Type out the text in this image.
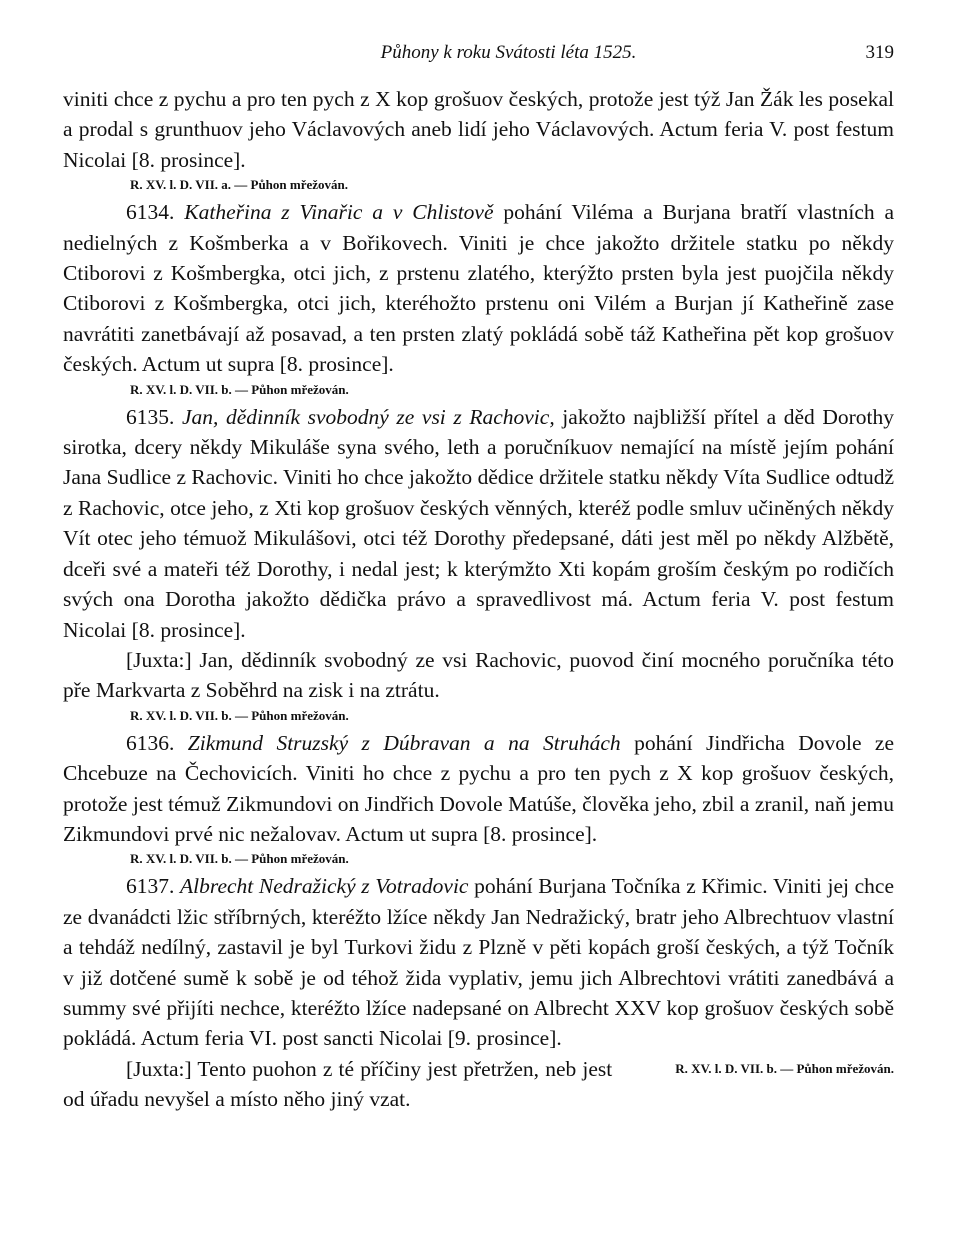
Půhony k roku Svátosti léta 1525.	319

viniti chce z pychu a pro ten pych z X kop grošuov českých, protože jest týž Jan Žák les posekal a prodal s grunthuov jeho Václavových aneb lidí jeho Václavových. Actum feria V. post festum Nicolai [8. prosince].

R. XV. l. D. VII. a. — Půhon mřežován.

6134. Katheřina z Vinařic a v Chlistově pohání Viléma a Burjana bratří vlastních a nedielných z Košmberka a v Bořikovech. Viniti je chce jakožto držitele statku po někdy Ctiborovi z Košmbergka, otci jich, z prstenu zlatého, kterýžto prsten byla jest puojčila někdy Ctiborovi z Košmbergka, otci jich, kteréhožto prstenu oni Vilém a Burjan jí Katheřině zase navrátiti zanetbávají až posavad, a ten prsten zlatý pokládá sobě táž Katheřina pět kop grošuov českých. Actum ut supra [8. prosince].

R. XV. l. D. VII. b. — Půhon mřežován.

6135. Jan, dědinník svobodný ze vsi z Rachovic, jakožto najbližší přítel a děd Dorothy sirotka, dcery někdy Mikuláše syna svého, leth a poručníkuov nemající na místě jejím pohání Jana Sudlice z Rachovic. Viniti ho chce jakožto dědice držitele statku někdy Víta Sudlice odtudž z Rachovic, otce jeho, z Xti kop grošuov českých věnných, kteréž podle smluv učiněných někdy Vít otec jeho témuož Mikulášovi, otci též Dorothy předepsané, dáti jest měl po někdy Alžbětě, dceři své a mateři též Dorothy, i nedal jest; k kterýmžto Xti kopám groším českým po rodičích svých ona Dorotha jakožto dědička právo a spravedlivost má. Actum feria V. post festum Nicolai [8. prosince].

[Juxta:] Jan, dědinník svobodný ze vsi Rachovic, puovod činí mocného poručníka této pře Markvarta z Soběhrd na zisk i na ztrátu.

R. XV. l. D. VII. b. — Půhon mřežován.

6136. Zikmund Struzský z Dúbravan a na Struhách pohání Jindřicha Dovole ze Chcebuze na Čechovicích. Viniti ho chce z pychu a pro ten pych z X kop grošuov českých, protože jest témuž Zikmundovi on Jindřich Dovole Matúše, člověka jeho, zbil a zranil, naň jemu Zikmundovi prvé nic nežalovav. Actum ut supra [8. prosince].

R. XV. l. D. VII. b. — Půhon mřežován.

6137. Albrecht Nedražický z Votradovic pohání Burjana Točníka z Křimic. Viniti jej chce ze dvanádcti lžic stříbrných, kteréžto lžíce někdy Jan Nedražický, bratr jeho Albrechtuov vlastní a tehdáž nedílný, zastavil je byl Turkovi židu z Plzně v pěti kopách groší českých, a týž Točník v již dotčené sumě k sobě je od téhož žida vyplativ, jemu jich Albrechtovi vrátiti zanedbává a summy své přijíti nechce, kteréžto lžíce nadepsané on Albrecht XXV kop grošuov českých sobě pokládá. Actum feria VI. post sancti Nicolai [9. prosince].

R. XV. l. D. VII. b. — Půhon mřežován.
[Juxta:] Tento puohon z té příčiny jest přetržen, neb jest od úřadu nevyšel a místo něho jiný vzat.
